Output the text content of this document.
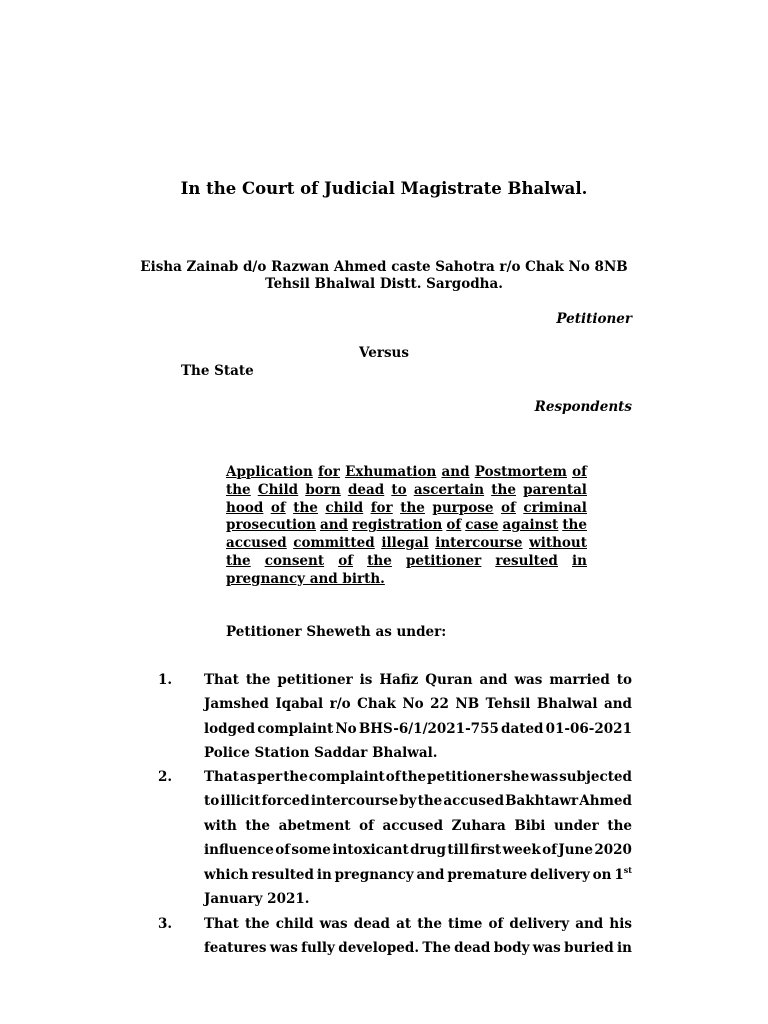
In the Court of Judicial Magistrate Bhalwal.
Eisha Zainab d/o Razwan Ahmed caste Sahotra r/o Chak No 8NB
Tehsil Bhalwal Distt. Sargodha.
Petitioner
Versus
The State
Respondents
Application for Exhumation and Postmortem of
the Child born dead to ascertain the parental
hood of the child for the purpose of criminal
prosecution and registration of case against the
accused committed illegal intercourse without
the consent of the petitioner resulted in
pregnancy and birth.
Petitioner Sheweth as under:
1. That the petitioner is Hafiz Quran and was married to
Jamshed Iqabal r/o Chak No 22 NB Tehsil Bhalwal and
lodged complaint No BHS-6/1/2021-755 dated 01-06-2021
Police Station Saddar Bhalwal.
2. That as per the complaint of the petitioner she was subjected
to illicit forced intercourse by the accused Bakhtawr Ahmed
with the abetment of accused Zuhara Bibi under the
influence of some intoxicant drug till first week of June 2020
which resulted in pregnancy and premature delivery on 1st
January 2021.
3. That the child was dead at the time of delivery and his
features was fully developed. The dead body was buried in
